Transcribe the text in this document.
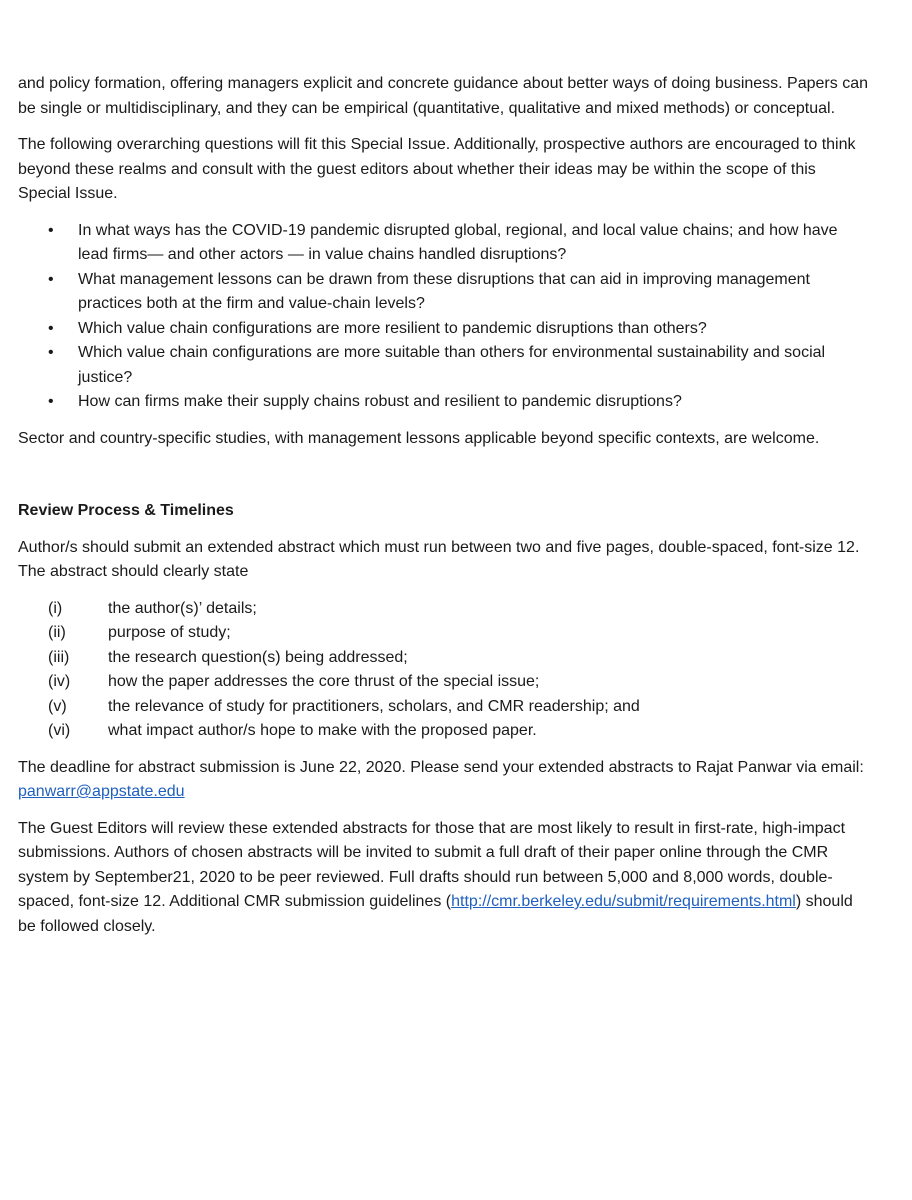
and policy formation, offering managers explicit and concrete guidance about better ways of doing business. Papers can be single or multidisciplinary, and they can be empirical (quantitative, qualitative and mixed methods) or conceptual.

The following overarching questions will fit this Special Issue. Additionally, prospective authors are encouraged to think beyond these realms and consult with the guest editors about whether their ideas may be within the scope of this Special Issue.

• In what ways has the COVID-19 pandemic disrupted global, regional, and local value chains; and how have lead firms— and other actors — in value chains handled disruptions?
• What management lessons can be drawn from these disruptions that can aid in improving management practices both at the firm and value-chain levels?
• Which value chain configurations are more resilient to pandemic disruptions than others?
• Which value chain configurations are more suitable than others for environmental sustainability and social justice?
• How can firms make their supply chains robust and resilient to pandemic disruptions?

Sector and country-specific studies, with management lessons applicable beyond specific contexts, are welcome.

Review Process & Timelines

Author/s should submit an extended abstract which must run between two and five pages, double-spaced, font-size 12. The abstract should clearly state

(i)	the author(s)’ details;
(ii)	purpose of study;
(iii) the research question(s) being addressed;
(iv) how the paper addresses the core thrust of the special issue;
(v)	the relevance of study for practitioners, scholars, and CMR readership; and
(vi) what impact author/s hope to make with the proposed paper.

The deadline for abstract submission is June 22, 2020. Please send your extended abstracts to Rajat Panwar via email: panwarr@appstate.edu

The Guest Editors will review these extended abstracts for those that are most likely to result in first-rate, high-impact submissions. Authors of chosen abstracts will be invited to submit a full draft of their paper online through the CMR system by September21, 2020 to be peer reviewed. Full drafts should run between 5,000 and 8,000 words, double-spaced, font-size 12. Additional CMR submission guidelines (http://cmr.berkeley.edu/submit/requirements.html) should be followed closely.
